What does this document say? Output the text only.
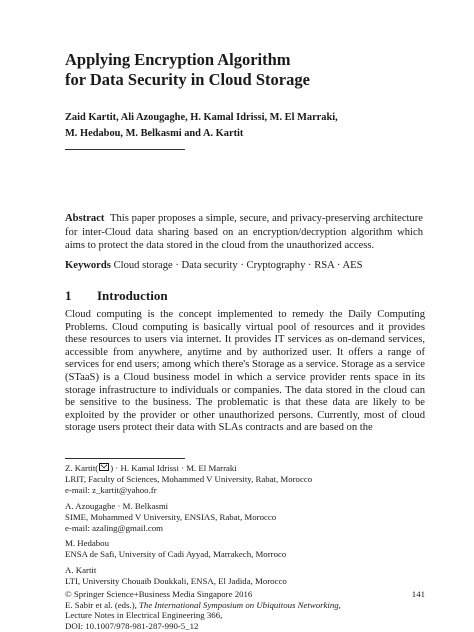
Applying Encryption Algorithm
for Data Security in Cloud Storage
Zaid Kartit, Ali Azougaghe, H. Kamal Idrissi, M. El Marraki,
M. Hedabou, M. Belkasmi and A. Kartit

Abstract This paper proposes a simple, secure, and privacy-preserving architecture for inter-Cloud data sharing based on an encryption/decryption algorithm which aims to protect the data stored in the cloud from the unauthorized access.

Keywords Cloud storage · Data security · Cryptography · RSA · AES

1 Introduction

Cloud computing is the concept implemented to remedy the Daily Computing Problems. Cloud computing is basically virtual pool of resources and it provides these resources to users via internet. It provides IT services as on-demand services, accessible from anywhere, anytime and by authorized user. It offers a range of services for end users; among which there's Storage as a service. Storage as a service (STaaS) is a Cloud business model in which a service provider rents space in its storage infrastructure to individuals or companies. The data stored in the cloud can be sensitive to the business. The problematic is that these data are likely to be exploited by the provider or other unauthorized persons. Currently, most of cloud storage users protect their data with SLAs contracts and are based on the

Z. Kartit( ) · H. Kamal Idrissi · M. El Marraki
LRIT, Faculty of Sciences, Mohammed V University, Rabat, Morocco
e-mail: z_kartit@yahoo.fr
A. Azougaghe · M. Belkasmi
SIME, Mohammed V University, ENSIAS, Rabat, Morocco
e-mail: azaling@gmail.com
M. Hedabou
ENSA de Safi, University of Cadi Ayyad, Marrakech, Morroco
A. Kartit
LTI, University Chouaib Doukkali, ENSA, El Jadida, Morocco
© Springer Science+Business Media Singapore 2016	141
E. Sabir et al. (eds.), The International Symposium on Ubiquitous Networking,
Lecture Notes in Electrical Engineering 366,
DOI: 10.1007/978-981-287-990-5_12
